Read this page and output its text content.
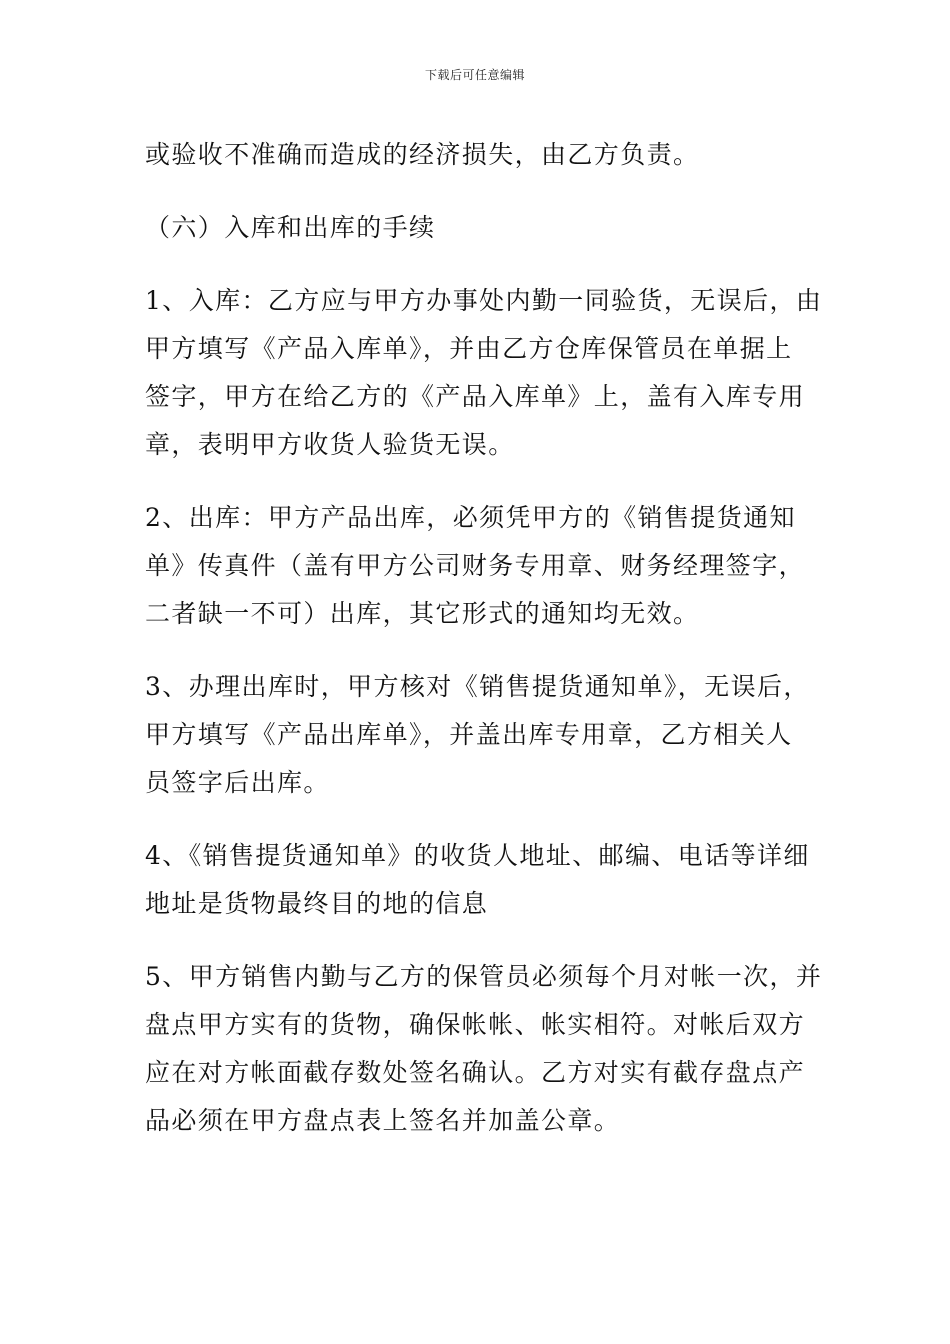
下载后可任意编辑

或验收不准确而造成的经济损失，由乙方负责。

（六）入库和出库的手续

1、入库：乙方应与甲方办事处内勤一同验货，无误后，由
甲方填写《产品入库单》，并由乙方仓库保管员在单据上
签字，甲方在给乙方的《产品入库单》上，盖有入库专用
章，表明甲方收货人验货无误。

2、出库：甲方产品出库，必须凭甲方的《销售提货通知
单》传真件（盖有甲方公司财务专用章、财务经理签字，
二者缺一不可）出库，其它形式的通知均无效。

3、办理出库时，甲方核对《销售提货通知单》，无误后，
甲方填写《产品出库单》，并盖出库专用章，乙方相关人
员签字后出库。

4、《销售提货通知单》的收货人地址、邮编、电话等详细
地址是货物最终目的地的信息

5、甲方销售内勤与乙方的保管员必须每个月对帐一次，并
盘点甲方实有的货物，确保帐帐、帐实相符。对帐后双方
应在对方帐面截存数处签名确认。乙方对实有截存盘点产
品必须在甲方盘点表上签名并加盖公章。
